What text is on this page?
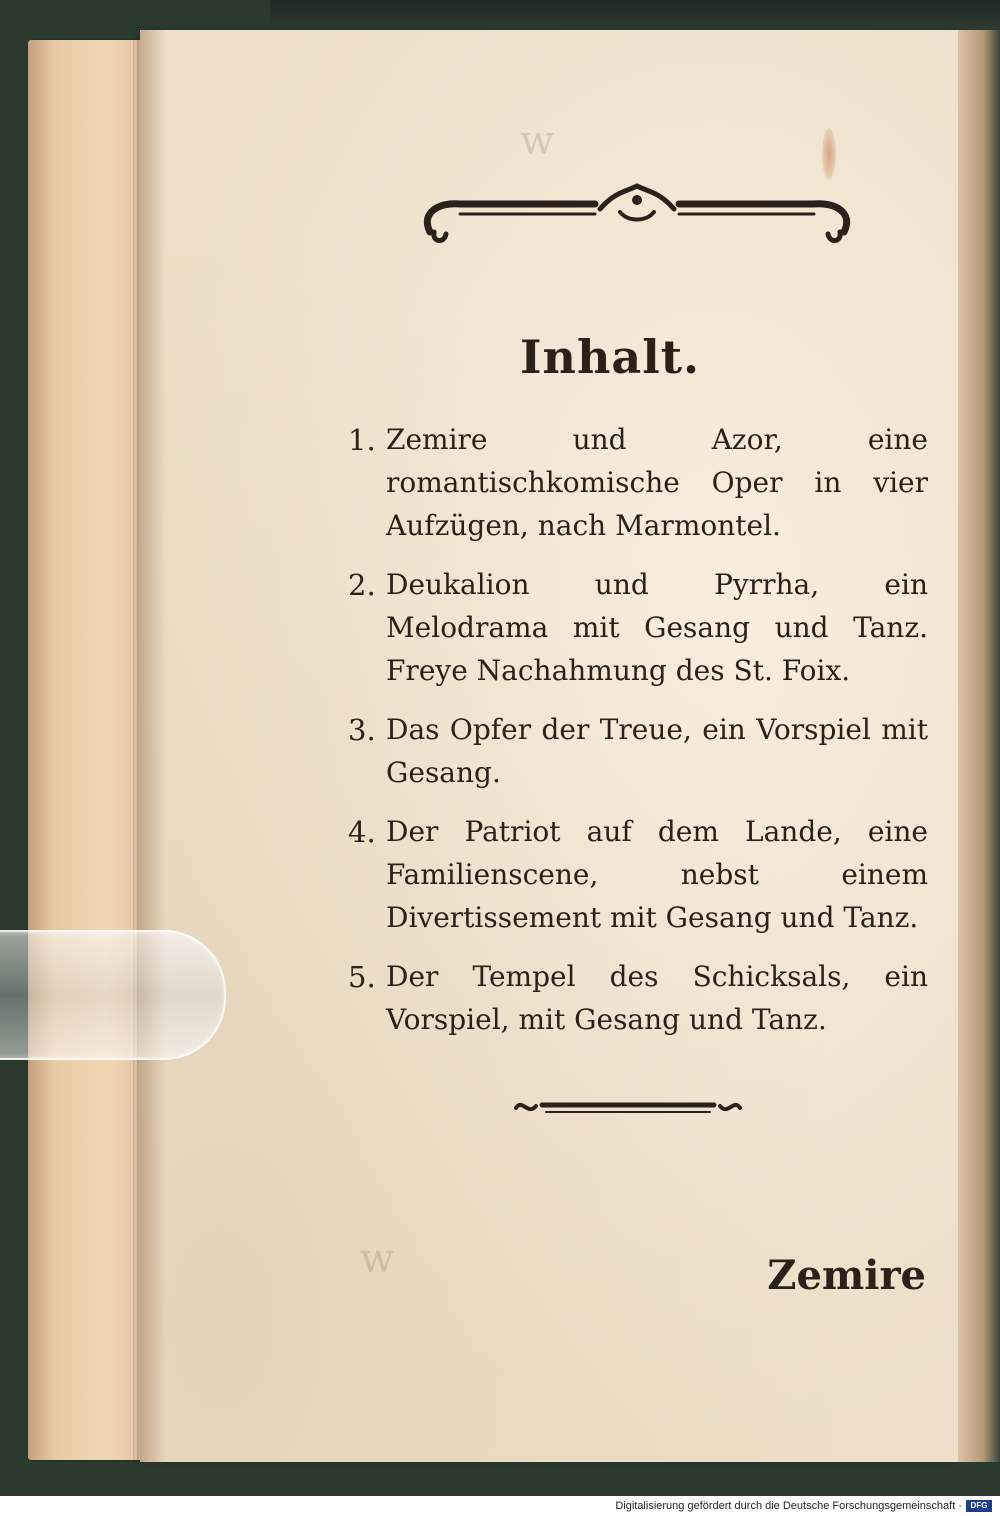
ᴡ
ᴡ
Inhalt.
1. Zemire und Azor, eine romantischkomische Oper in vier Aufzügen, nach Marmontel.
2. Deukalion und Pyrrha, ein Melodrama mit Gesang und Tanz. Freye Nachahmung des St. Foix.
3. Das Opfer der Treue, ein Vorspiel mit Gesang.
4. Der Patriot auf dem Lande, eine Familienscene, nebst einem Divertissement mit Gesang und Tanz.
5. Der Tempel des Schicksals, ein Vorspiel, mit Gesang und Tanz.
Zemire
Digitalisierung gefördert durch die Deutsche Forschungsgemeinschaft ·	DFG
